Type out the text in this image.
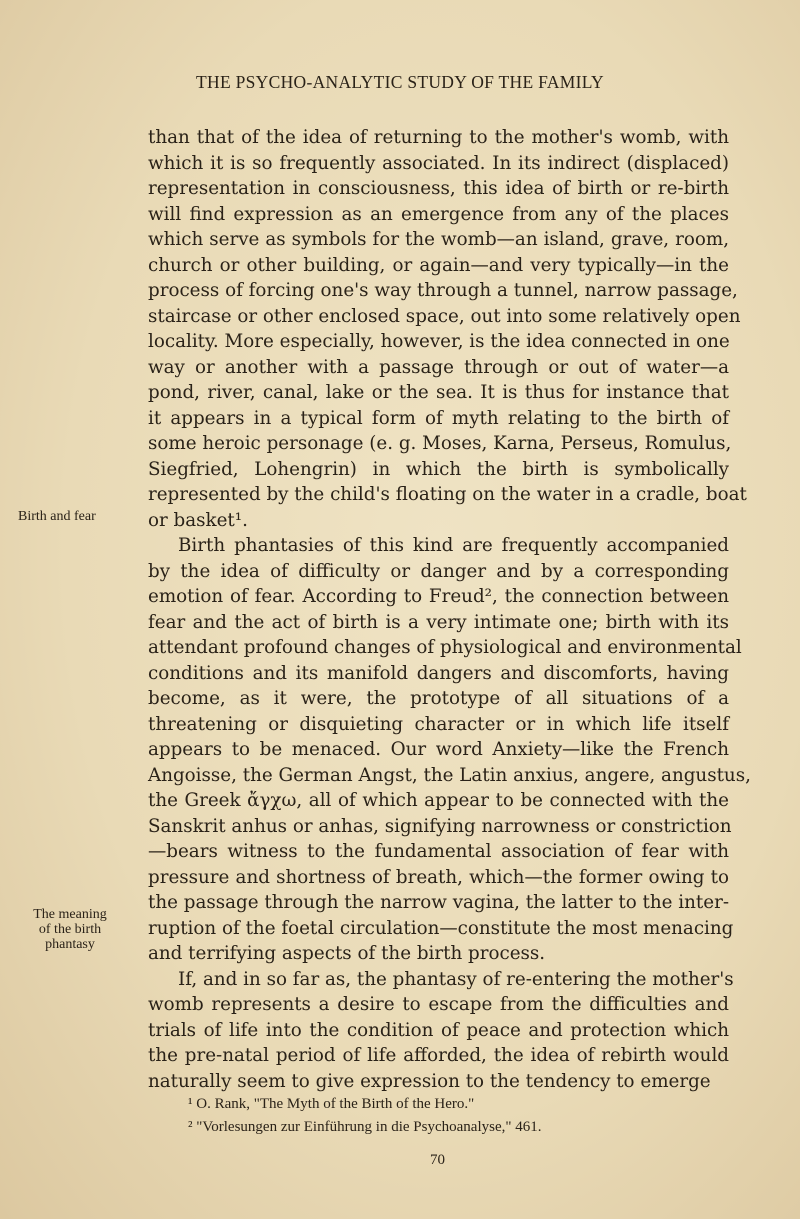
THE PSYCHO-ANALYTIC STUDY OF THE FAMILY
Birth and fear
The meaning
of the birth
phantasy
than that of the idea of returning to the mother's womb, with
which it is so frequently associated. In its indirect (displaced)
representation in consciousness, this idea of birth or re-birth
will find expression as an emergence from any of the places
which serve as symbols for the womb—an island, grave, room,
church or other building, or again—and very typically—in the
process of forcing one's way through a tunnel, narrow passage,
staircase or other enclosed space, out into some relatively open
locality. More especially, however, is the idea connected in one
way or another with a passage through or out of water—a
pond, river, canal, lake or the sea. It is thus for instance that
it appears in a typical form of myth relating to the birth of
some heroic personage (e. g. Moses, Karna, Perseus, Romulus,
Siegfried, Lohengrin) in which the birth is symbolically
represented by the child's floating on the water in a cradle, boat
or basket¹.
Birth phantasies of this kind are frequently accompanied
by the idea of difficulty or danger and by a corresponding
emotion of fear. According to Freud², the connection between
fear and the act of birth is a very intimate one; birth with its
attendant profound changes of physiological and environmental
conditions and its manifold dangers and discomforts, having
become, as it were, the prototype of all situations of a
threatening or disquieting character or in which life itself
appears to be menaced. Our word Anxiety—like the French
Angoisse, the German Angst, the Latin anxius, angere, angustus,
the Greek ἄγχω, all of which appear to be connected with the
Sanskrit anhus or anhas, signifying narrowness or constriction
—bears witness to the fundamental association of fear with
pressure and shortness of breath, which—the former owing to
the passage through the narrow vagina, the latter to the inter-
ruption of the foetal circulation—constitute the most menacing
and terrifying aspects of the birth process.
If, and in so far as, the phantasy of re-entering the mother's
womb represents a desire to escape from the difficulties and
trials of life into the condition of peace and protection which
the pre-natal period of life afforded, the idea of rebirth would
naturally seem to give expression to the tendency to emerge
¹ O. Rank, "The Myth of the Birth of the Hero."
² "Vorlesungen zur Einführung in die Psychoanalyse," 461.
70
